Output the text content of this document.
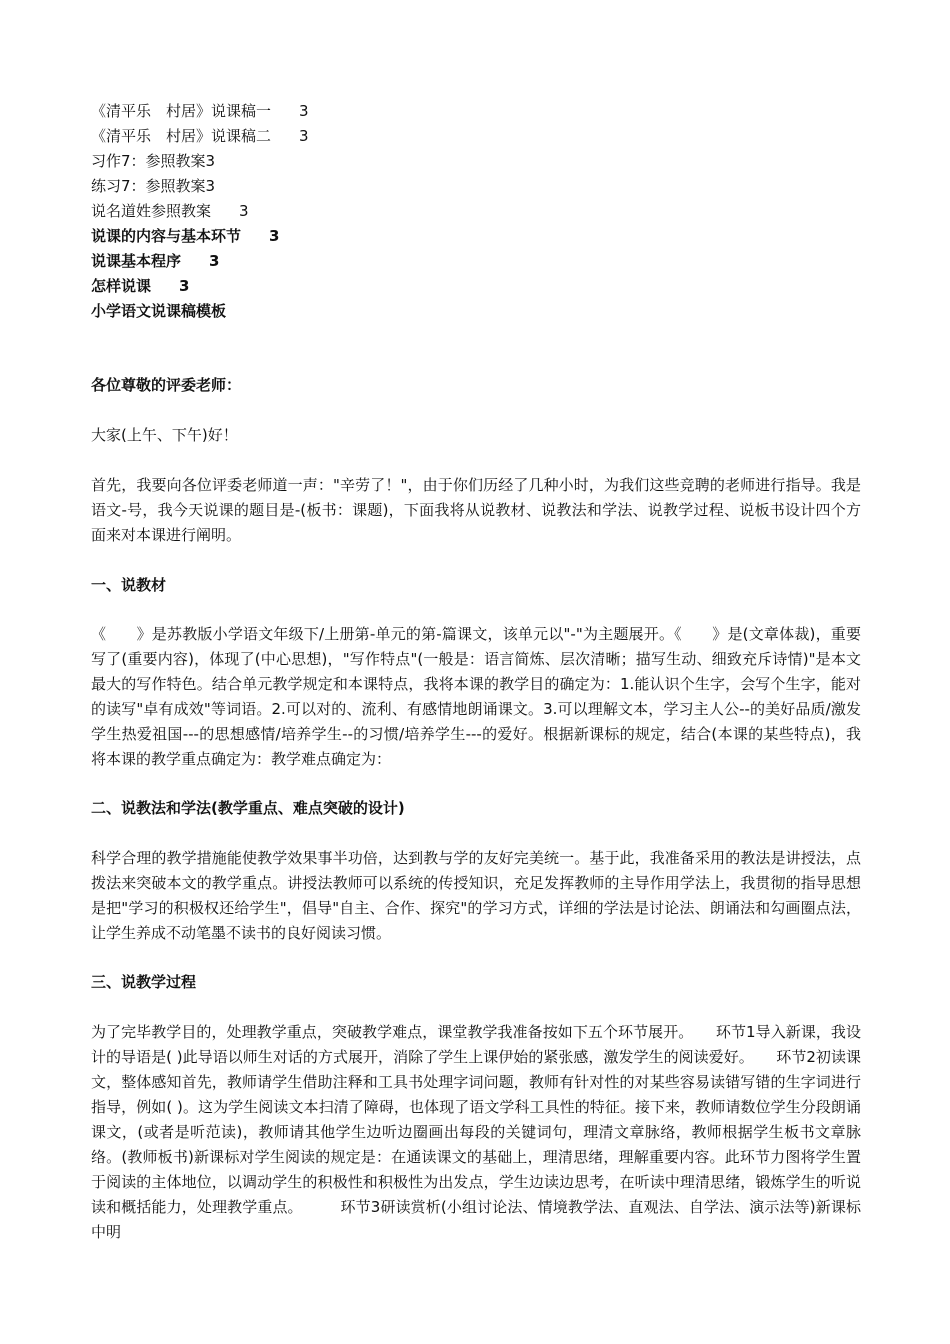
《清平乐　村居》说课稿一 3
《清平乐　村居》说课稿二 3
习作7：参照教案3
练习7：参照教案3
说名道姓参照教案 3
说课的内容与基本环节 3
说课基本程序 3
怎样说课 3
小学语文说课稿模板
各位尊敬的评委老师：
大家(上午、下午)好！
首先，我要向各位评委老师道一声："辛劳了！"，由于你们历经了几种小时，为我们这些竞聘的老师进行指导。我是语文-号，我今天说课的题目是-(板书：课题)，下面我将从说教材、说教法和学法、说教学过程、说板书设计四个方面来对本课进行阐明。
一、说教材
《　　》是苏教版小学语文年级下/上册第-单元的第-篇课文，该单元以"-"为主题展开。《　　》是(文章体裁)，重要写了(重要内容)，体现了(中心思想)，"写作特点"(一般是：语言简炼、层次清晰；描写生动、细致充斥诗情)"是本文最大的写作特色。结合单元教学规定和本课特点，我将本课的教学目的确定为：1.能认识个生字，会写个生字，能对的读写"卓有成效"等词语。2.可以对的、流利、有感情地朗诵课文。3.可以理解文本，学习主人公--的美好品质/激发学生热爱祖国---的思想感情/培养学生--的习惯/培养学生---的爱好。根据新课标的规定，结合(本课的某些特点)，我将本课的教学重点确定为：教学难点确定为：
二、说教法和学法(教学重点、难点突破的设计)
科学合理的教学措施能使教学效果事半功倍，达到教与学的友好完美统一。基于此，我准备采用的教法是讲授法，点拨法来突破本文的教学重点。讲授法教师可以系统的传授知识，充足发挥教师的主导作用学法上，我贯彻的指导思想是把"学习的积极权还给学生"，倡导"自主、合作、探究"的学习方式，详细的学法是讨论法、朗诵法和勾画圈点法，让学生养成不动笔墨不读书的良好阅读习惯。
三、说教学过程
为了完毕教学目的，处理教学重点，突破教学难点，课堂教学我准备按如下五个环节展开。　　环节1导入新课，我设计的导语是( )此导语以师生对话的方式展开，消除了学生上课伊始的紧张感，激发学生的阅读爱好。　　环节2初读课文，整体感知首先，教师请学生借助注释和工具书处理字词问题，教师有针对性的对某些容易读错写错的生字词进行指导，例如( )。这为学生阅读文本扫清了障碍，也体现了语文学科工具性的特征。接下来，教师请数位学生分段朗诵课文，(或者是听范读)，教师请其他学生边听边圈画出每段的关键词句，理清文章脉络，教师根据学生板书文章脉络。(教师板书)新课标对学生阅读的规定是：在通读课文的基础上，理清思绪，理解重要内容。此环节力图将学生置于阅读的主体地位，以调动学生的积极性和积极性为出发点，学生边读边思考，在听读中理清思绪，锻炼学生的听说读和概括能力，处理教学重点。　　　环节3研读赏析(小组讨论法、情境教学法、直观法、自学法、演示法等)新课标中明
